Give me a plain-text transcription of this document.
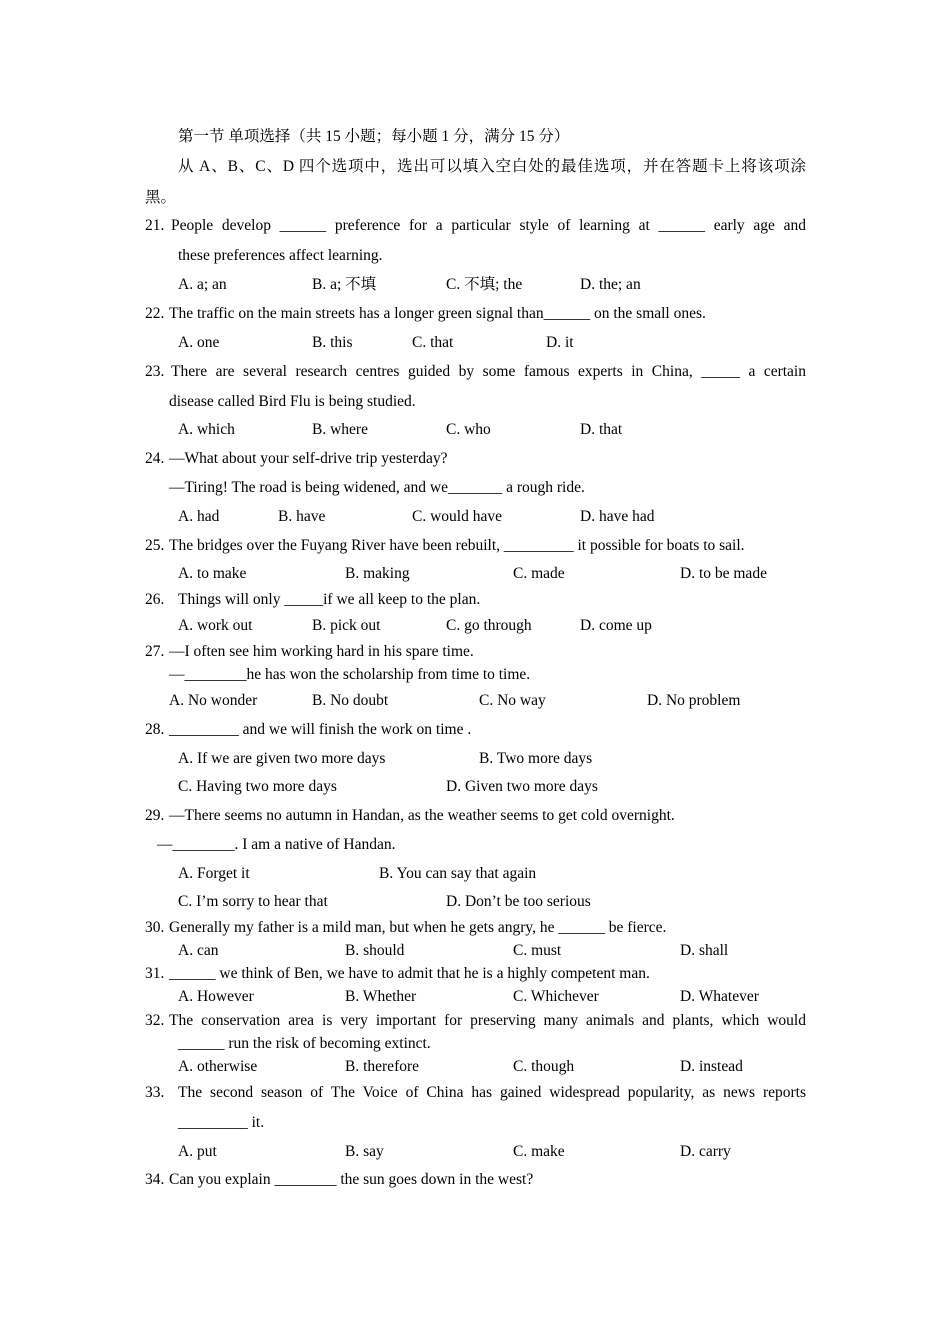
第一节 单项选择（共 15 小题；每小题 1 分，满分 15 分）
从 A、B、C、D 四个选项中，选出可以填入空白处的最佳选项，并在答题卡上将该项涂
黑。
21. People develop ______ preference for a particular style of learning at ______ early age and
these preferences affect learning.
A. a; an	B. a; 不填	C. 不填; the	D. the; an
22. The traffic on the main streets has a longer green signal than______ on the small ones.
A. one	B. this	C. that	D. it
23. There are several research centres guided by some famous experts in China, _____ a certain
disease called Bird Flu is being studied.
A. which	B. where	C. who	D. that
24. —What about your self-drive trip yesterday?
—Tiring! The road is being widened, and we_______ a rough ride.
A. had	B. have	C. would have	D. have had
25. The bridges over the Fuyang River have been rebuilt, _________ it possible for boats to sail.
A. to make	B. making	C. made	D. to be made
26. Things will only _____if we all keep to the plan.
A. work out	B. pick out	C. go through	D. come up
27. —I often see him working hard in his spare time.
—________he has won the scholarship from time to time.
A. No wonder	B. No doubt	C. No way	D. No problem
28. _________ and we will finish the work on time .
A. If we are given two more days	B. Two more days
C. Having two more days	D. Given two more days
29. —There seems no autumn in Handan, as the weather seems to get cold overnight.
—________. I am a native of Handan.
A. Forget it	B. You can say that again
C. I’m sorry to hear that	D. Don’t be too serious
30. Generally my father is a mild man, but when he gets angry, he ______ be fierce.
A. can	B. should	C. must	D. shall
31. ______ we think of Ben, we have to admit that he is a highly competent man.
A. However	B. Whether	C. Whichever	D. Whatever
32. The conservation area is very important for preserving many animals and plants, which would
______ run the risk of becoming extinct.
A. otherwise	B. therefore	C. though	D. instead
33. The second season of The Voice of China has gained widespread popularity, as news reports
_________ it.
A. put	B. say	C. make	D. carry
34. Can you explain ________ the sun goes down in the west?
